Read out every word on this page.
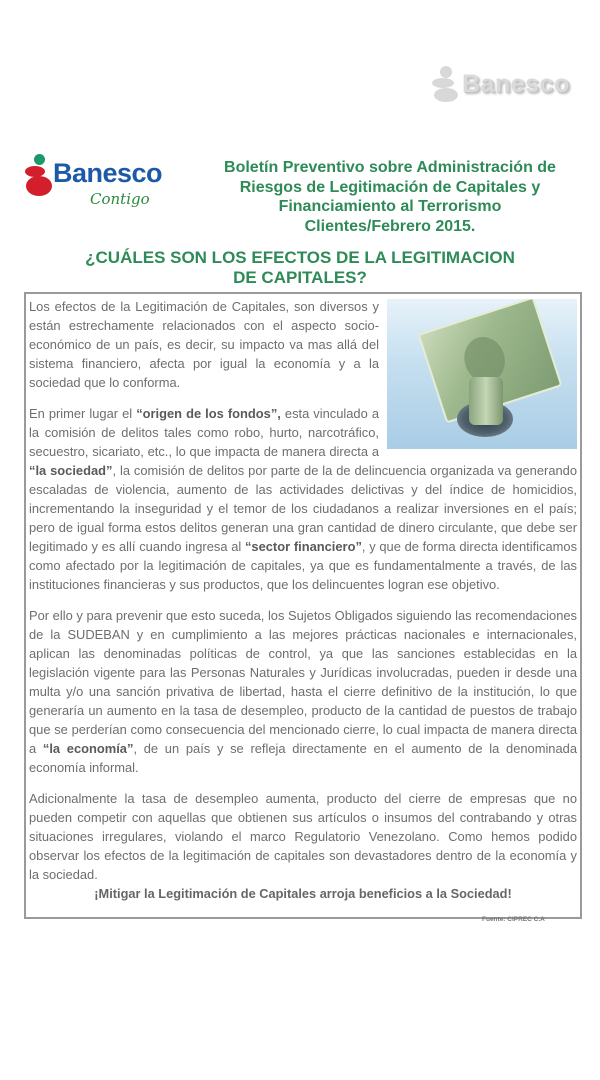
Banesco
Banesco
Contigo
Boletín Preventivo sobre Administración de
Riesgos de Legitimación de Capitales y
Financiamiento al Terrorismo
Clientes/Febrero 2015.
¿CUÁLES SON LOS EFECTOS DE LA LEGITIMACION
DE CAPITALES?

Los efectos de la Legitimación de Capitales, son diversos y están estrechamente relacionados con el aspecto socio-económico de un país, es decir, su impacto va mas allá del sistema financiero, afecta por igual la economía y a la sociedad que lo conforma.

En primer lugar el “origen de los fondos”, esta vinculado a la comisión de delitos tales como robo, hurto, narcotráfico, secuestro, sicariato, etc., lo que impacta de manera directa a “la sociedad”, la comisión de delitos por parte de la de delincuencia organizada va generando escaladas de violencia, aumento de las actividades delictivas y del índice de homicidios, incrementando la inseguridad y el temor de los ciudadanos a realizar inversiones en el país; pero de igual forma estos delitos generan una gran cantidad de dinero circulante, que debe ser legitimado y es allí cuando ingresa al “sector financiero”, y que de forma directa identificamos como afectado por la legitimación de capitales, ya que es fundamentalmente a través, de las instituciones financieras y sus productos, que los delincuentes logran ese objetivo.

Por ello y para prevenir que esto suceda, los Sujetos Obligados siguiendo las recomendaciones de la SUDEBAN y en cumplimiento a las mejores prácticas nacionales e internacionales, aplican las denominadas políticas de control, ya que las sanciones establecidas en la legislación vigente para las Personas Naturales y Jurídicas involucradas, pueden ir desde una multa y/o una sanción privativa de libertad, hasta el cierre definitivo de la institución, lo que generaría un aumento en la tasa de desempleo, producto de la cantidad de puestos de trabajo que se perderían como consecuencia del mencionado cierre, lo cual impacta de manera directa a “la economía”, de un país y se refleja directamente en el aumento de la denominada economía informal.

Adicionalmente la tasa de desempleo aumenta, producto del cierre de empresas que no pueden competir con aquellas que obtienen sus artículos o insumos del contrabando y otras situaciones irregulares, violando el marco Regulatorio Venezolano. Como hemos podido observar los efectos de la legitimación de capitales son devastadores dentro de la economía y la sociedad.

¡Mitigar la Legitimación de Capitales arroja beneficios a la Sociedad!
Fuente: CIPREC C.A
